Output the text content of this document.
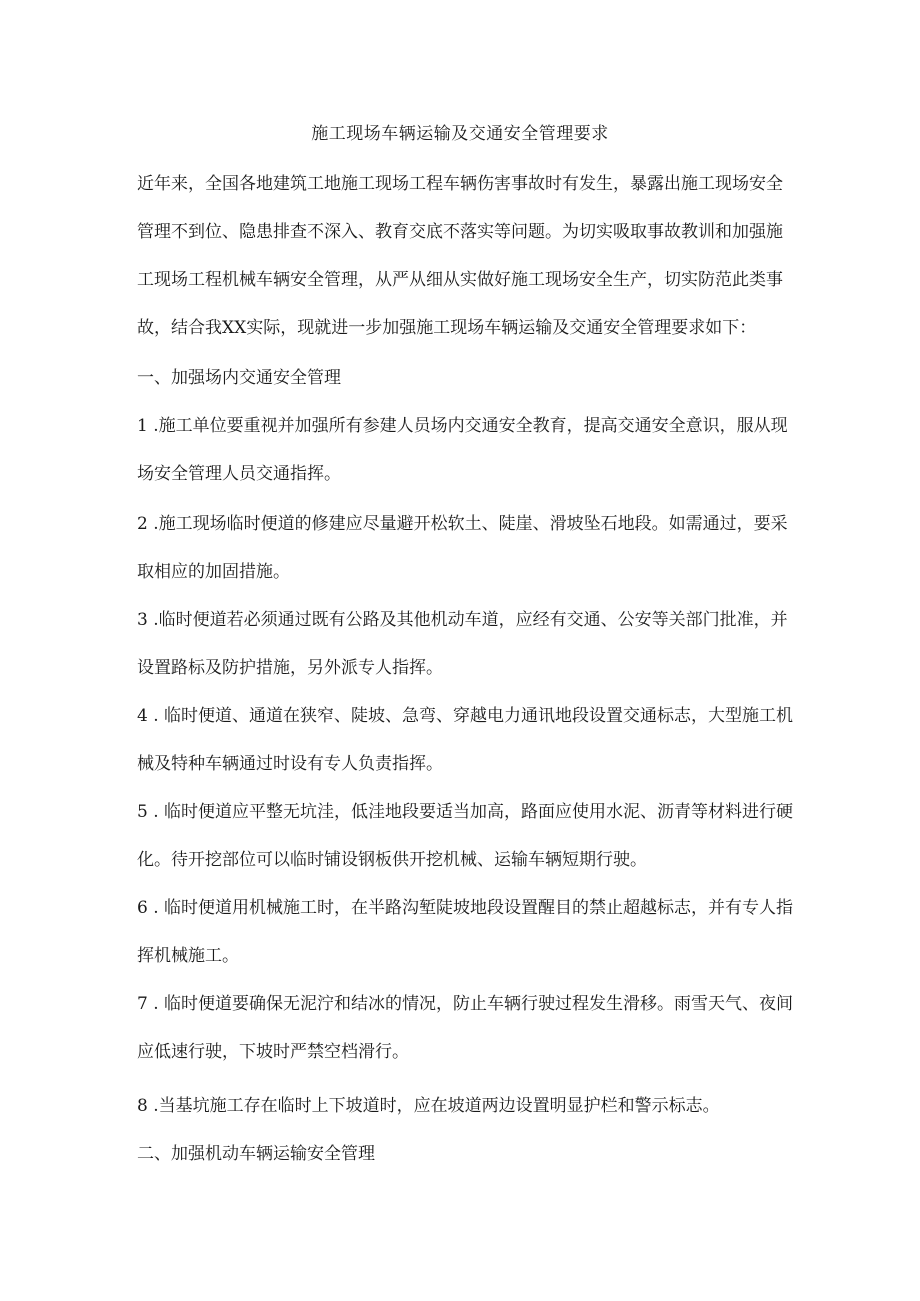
施工现场车辆运输及交通安全管理要求
近年来，全国各地建筑工地施工现场工程车辆伤害事故时有发生，暴露出施工现场安全
管理不到位、隐患排查不深入、教育交底不落实等问题。为切实吸取事故教训和加强施
工现场工程机械车辆安全管理，从严从细从实做好施工现场安全生产，切实防范此类事
故，结合我XX实际，现就进一步加强施工现场车辆运输及交通安全管理要求如下：
一、加强场内交通安全管理
1 .施工单位要重视并加强所有参建人员场内交通安全教育，提高交通安全意识，服从现
场安全管理人员交通指挥。
2 .施工现场临时便道的修建应尽量避开松软土、陡崖、滑坡坠石地段。如需通过，要采
取相应的加固措施。
3 .临时便道若必须通过既有公路及其他机动车道，应经有交通、公安等关部门批准，并
设置路标及防护措施，另外派专人指挥。
4 . 临时便道、通道在狭窄、陡坡、急弯、穿越电力通讯地段设置交通标志，大型施工机
械及特种车辆通过时设有专人负责指挥。
5 . 临时便道应平整无坑洼，低洼地段要适当加高，路面应使用水泥、沥青等材料进行硬
化。待开挖部位可以临时铺设钢板供开挖机械、运输车辆短期行驶。
6 . 临时便道用机械施工时，在半路沟堑陡坡地段设置醒目的禁止超越标志，并有专人指
挥机械施工。
7 . 临时便道要确保无泥泞和结冰的情况，防止车辆行驶过程发生滑移。雨雪天气、夜间
应低速行驶，下坡时严禁空档滑行。
8 .当基坑施工存在临时上下坡道时，应在坡道两边设置明显护栏和警示标志。
二、加强机动车辆运输安全管理
